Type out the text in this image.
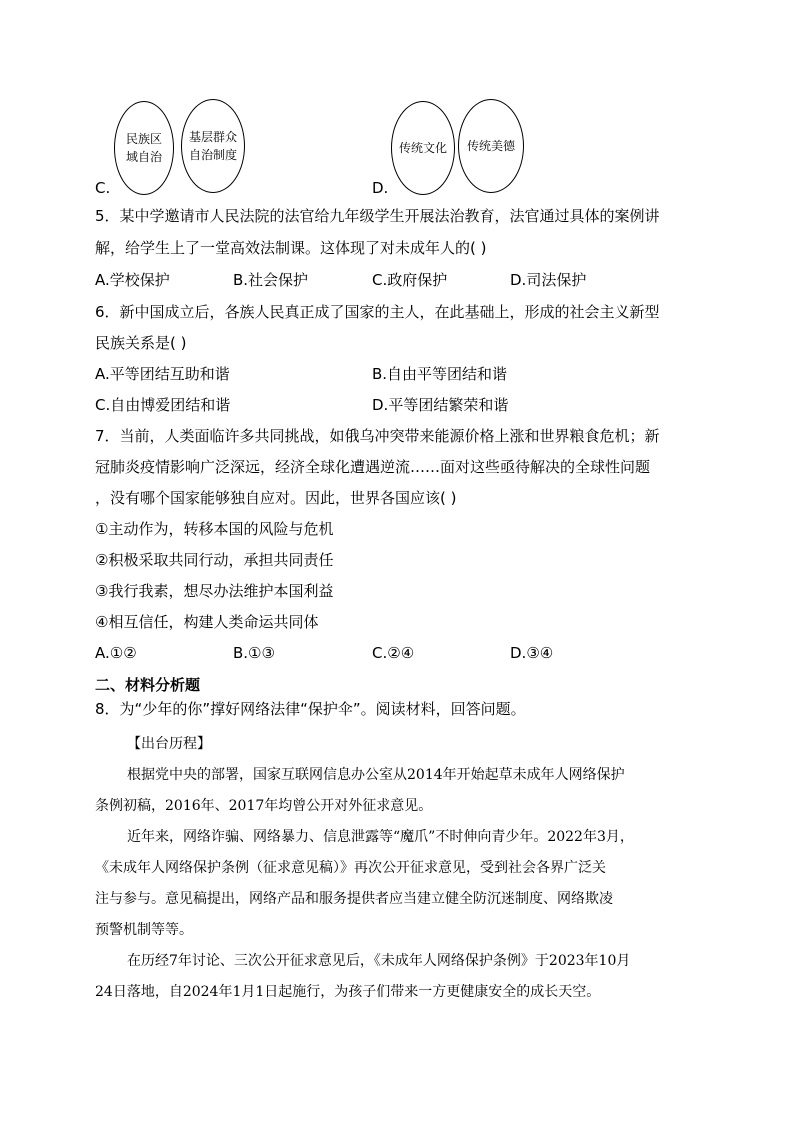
C.
民族区
域自治
基层群众
自治制度
D.
传统文化 传统美德
5．某中学邀请市人民法院的法官给九年级学生开展法治教育，法官通过具体的案例讲
解，给学生上了一堂高效法制课。这体现了对未成年人的( )
A.学校保护	B.社会保护	C.政府保护	D.司法保护
6．新中国成立后，各族人民真正成了国家的主人，在此基础上，形成的社会主义新型
民族关系是( )
A.平等团结互助和谐	B.自由平等团结和谐
C.自由博爱团结和谐	D.平等团结繁荣和谐
7．当前，人类面临许多共同挑战，如俄乌冲突带来能源价格上涨和世界粮食危机；新
冠肺炎疫情影响广泛深远，经济全球化遭遇逆流……面对这些亟待解决的全球性问题
，没有哪个国家能够独自应对。因此，世界各国应该( )
①主动作为，转移本国的风险与危机
②积极采取共同行动，承担共同责任
③我行我素，想尽办法维护本国利益
④相互信任，构建人类命运共同体
A.①②	B.①③	C.②④	D.③④
二、材料分析题
8．为“少年的你”撑好网络法律“保护伞”。阅读材料，回答问题。
【出台历程】
根据党中央的部署，国家互联网信息办公室从2014年开始起草未成年人网络保护
条例初稿，2016年、2017年均曾公开对外征求意见。
近年来，网络诈骗、网络暴力、信息泄露等“魔爪”不时伸向青少年。2022年3月，
《未成年人网络保护条例（征求意见稿）》再次公开征求意见，受到社会各界广泛关
注与参与。意见稿提出，网络产品和服务提供者应当建立健全防沉迷制度、网络欺凌
预警机制等等。
在历经7年讨论、三次公开征求意见后，《未成年人网络保护条例》于2023年10月
24日落地，自2024年1月1日起施行，为孩子们带来一方更健康安全的成长天空。
